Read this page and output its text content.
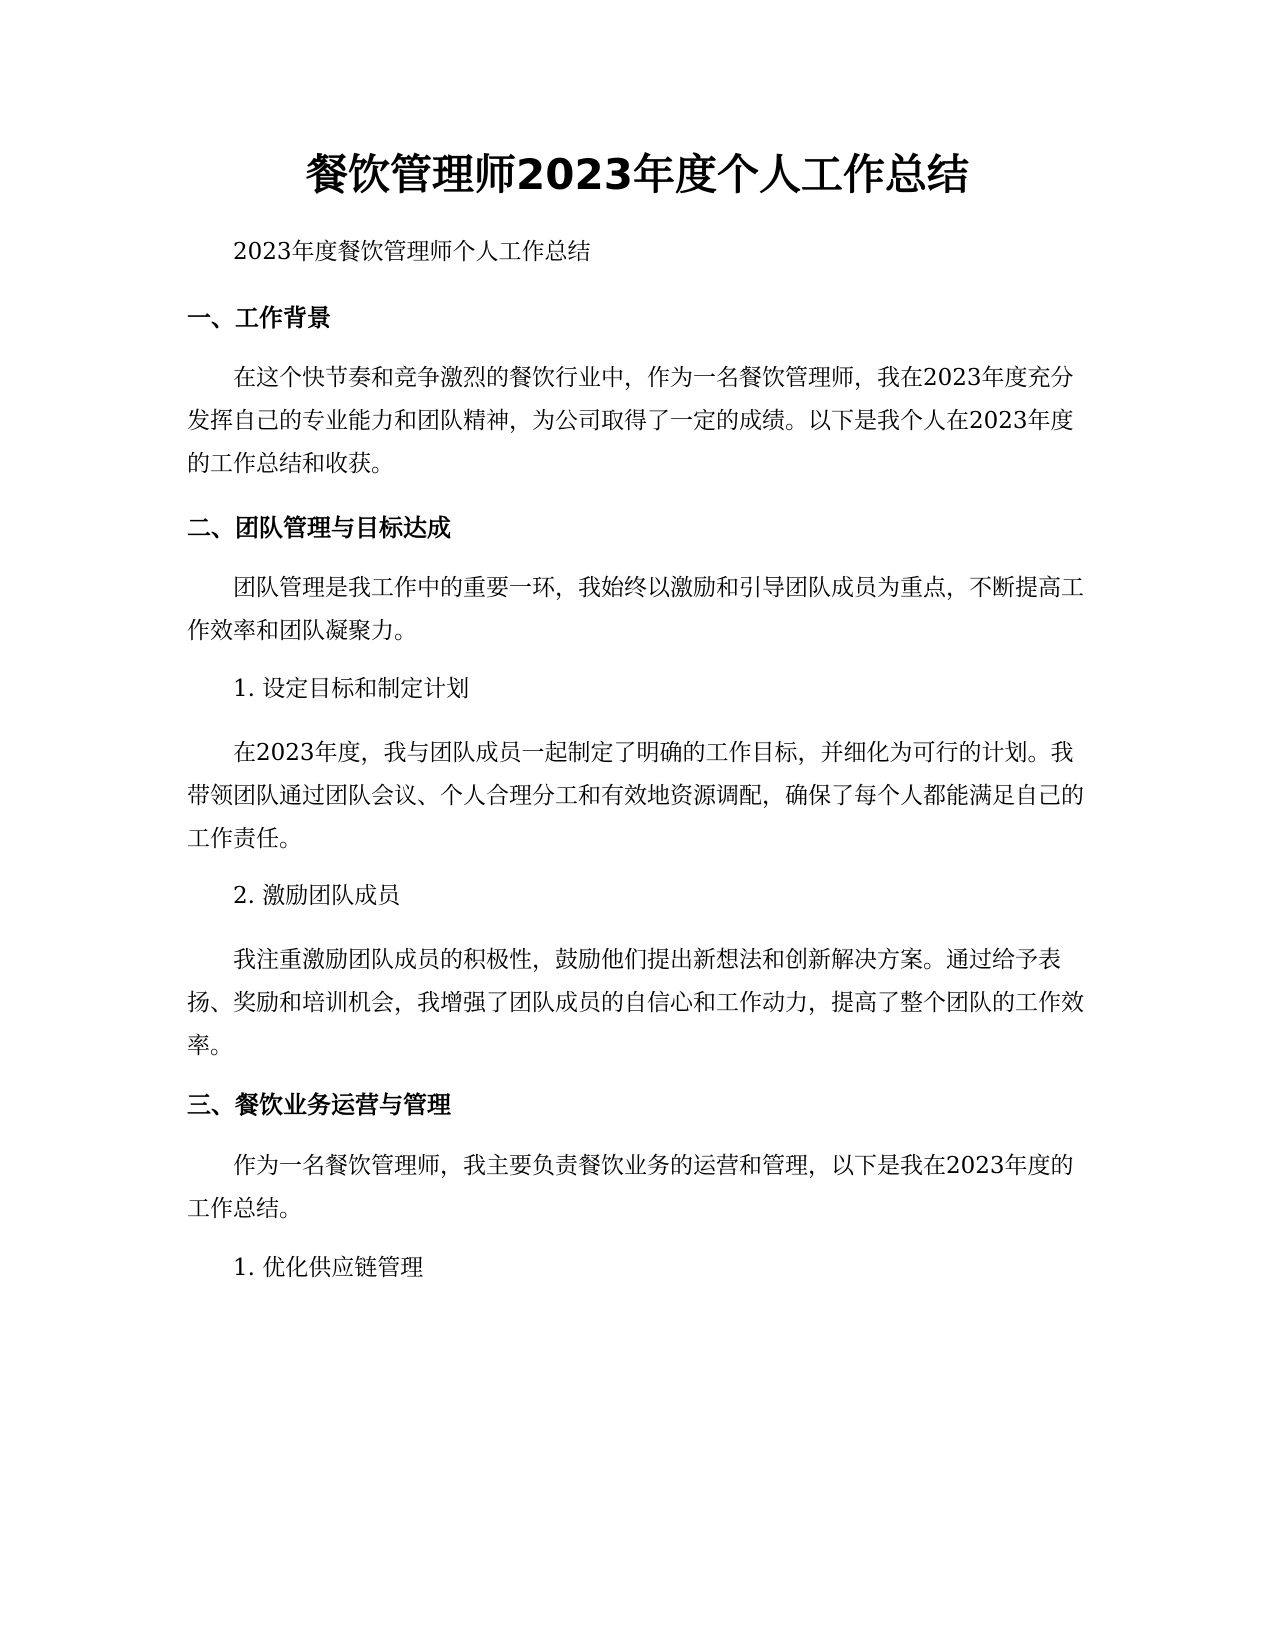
餐饮管理师2023年度个人工作总结

2023年度餐饮管理师个人工作总结

一、工作背景

在这个快节奏和竞争激烈的餐饮行业中，作为一名餐饮管理师，我在2023年度充分发挥自己的专业能力和团队精神，为公司取得了一定的成绩。以下是我个人在2023年度的工作总结和收获。

二、团队管理与目标达成

团队管理是我工作中的重要一环，我始终以激励和引导团队成员为重点，不断提高工作效率和团队凝聚力。

1. 设定目标和制定计划

在2023年度，我与团队成员一起制定了明确的工作目标，并细化为可行的计划。我带领团队通过团队会议、个人合理分工和有效地资源调配，确保了每个人都能满足自己的工作责任。

2. 激励团队成员

我注重激励团队成员的积极性，鼓励他们提出新想法和创新解决方案。通过给予表扬、奖励和培训机会，我增强了团队成员的自信心和工作动力，提高了整个团队的工作效率。

三、餐饮业务运营与管理

作为一名餐饮管理师，我主要负责餐饮业务的运营和管理，以下是我在2023年度的工作总结。

1. 优化供应链管理
